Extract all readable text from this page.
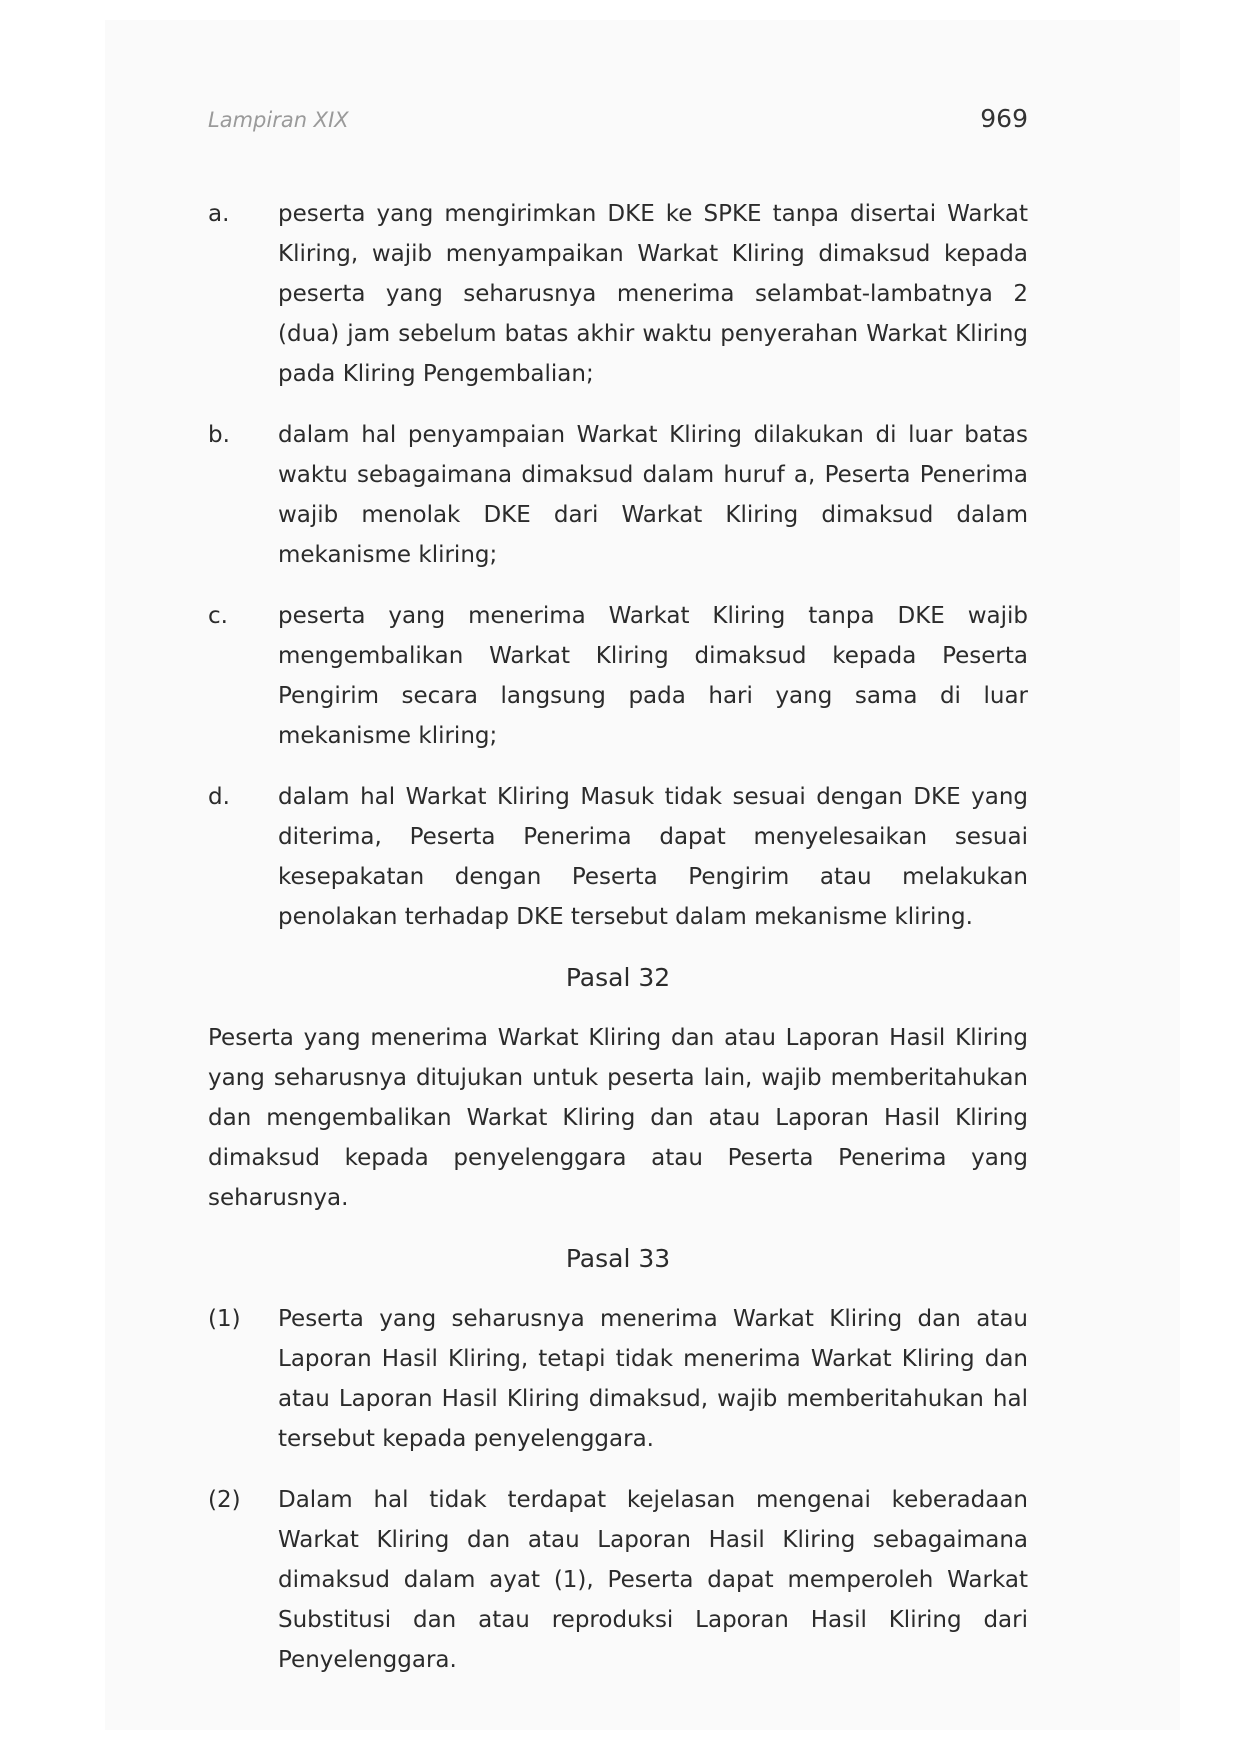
Lampiran XIX	969
a.	peserta yang mengirimkan DKE ke SPKE tanpa disertai Warkat Kliring, wajib menyampaikan Warkat Kliring dimaksud kepada peserta yang seharusnya menerima selambat-lambatnya 2 (dua) jam sebelum batas akhir waktu penyerahan Warkat Kliring pada Kliring Pengembalian;
b.	dalam hal penyampaian Warkat Kliring dilakukan di luar batas waktu sebagaimana dimaksud dalam huruf a, Peserta Penerima wajib menolak DKE dari Warkat Kliring dimaksud dalam mekanisme kliring;
c.	peserta yang menerima Warkat Kliring tanpa DKE wajib mengembalikan Warkat Kliring dimaksud kepada Peserta Pengirim secara langsung pada hari yang sama di luar mekanisme kliring;
d.	dalam hal Warkat Kliring Masuk tidak sesuai dengan DKE yang diterima, Peserta Penerima dapat menyelesaikan sesuai kesepakatan dengan Peserta Pengirim atau melakukan penolakan terhadap DKE tersebut dalam mekanisme kliring.
Pasal 32

Peserta yang menerima Warkat Kliring dan atau Laporan Hasil Kliring yang seharusnya ditujukan untuk peserta lain, wajib memberitahukan dan mengembalikan Warkat Kliring dan atau Laporan Hasil Kliring dimaksud kepada penyelenggara atau Peserta Penerima yang seharusnya.

Pasal 33
(1)	Peserta yang seharusnya menerima Warkat Kliring dan atau Laporan Hasil Kliring, tetapi tidak menerima Warkat Kliring dan atau Laporan Hasil Kliring dimaksud, wajib memberitahukan hal tersebut kepada penyelenggara.
(2)	Dalam hal tidak terdapat kejelasan mengenai keberadaan Warkat Kliring dan atau Laporan Hasil Kliring sebagaimana dimaksud dalam ayat (1), Peserta dapat memperoleh Warkat Substitusi dan atau reproduksi Laporan Hasil Kliring dari Penyelenggara.
